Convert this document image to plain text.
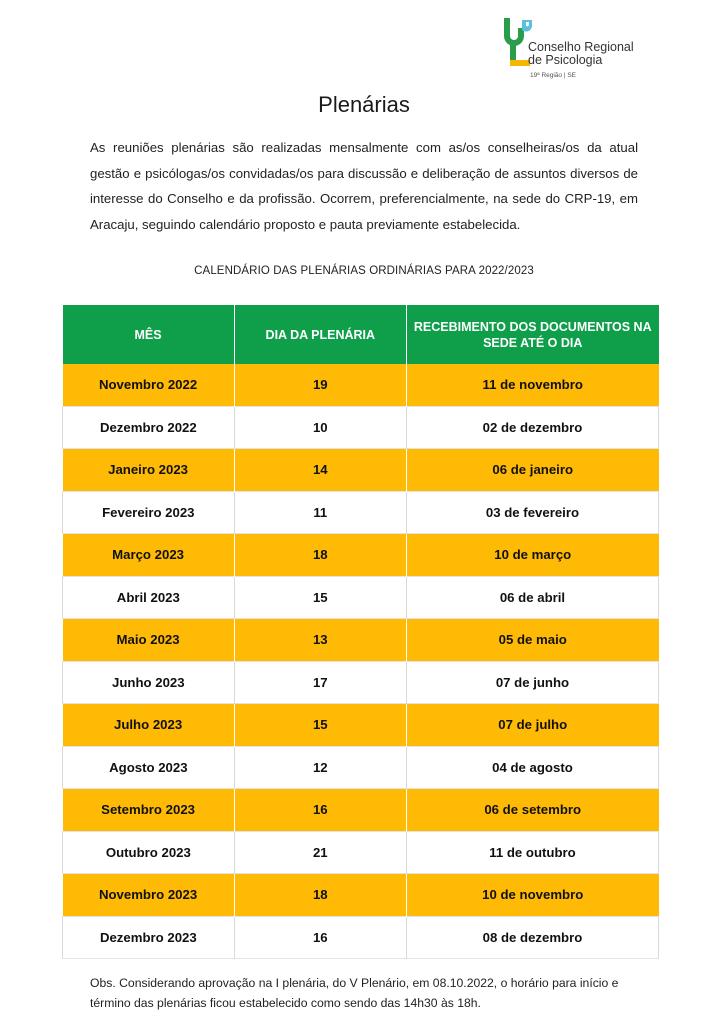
Conselho Regional
de Psicologia
19ª Região | SE
Plenárias

As reuniões plenárias são realizadas mensalmente com as/os conselheiras/os da atual gestão e psicólogas/os convidadas/os para discussão e deliberação de assuntos diversos de interesse do Conselho e da profissão. Ocorrem, preferencialmente, na sede do CRP-19, em Aracaju, seguindo calendário proposto e pauta previamente estabelecida.

CALENDÁRIO DAS PLENÁRIAS ORDINÁRIAS PARA 2022/2023
MÊS	DIA DA PLENÁRIA	RECEBIMENTO DOS DOCUMENTOS NA SEDE ATÉ O DIA
Novembro 2022	19	11 de novembro
Dezembro 2022	10	02 de dezembro
Janeiro 2023	14	06 de janeiro
Fevereiro 2023	11	03 de fevereiro
Março 2023	18	10 de março
Abril 2023	15	06 de abril
Maio 2023	13	05 de maio
Junho 2023	17	07 de junho
Julho 2023	15	07 de julho
Agosto 2023	12	04 de agosto
Setembro 2023	16	06 de setembro
Outubro 2023	21	11 de outubro
Novembro 2023	18	10 de novembro
Dezembro 2023	16	08 de dezembro

Obs. Considerando aprovação na I plenária, do V Plenário, em 08.10.2022, o horário para início e término das plenárias ficou estabelecido como sendo das 14h30 às 18h.
